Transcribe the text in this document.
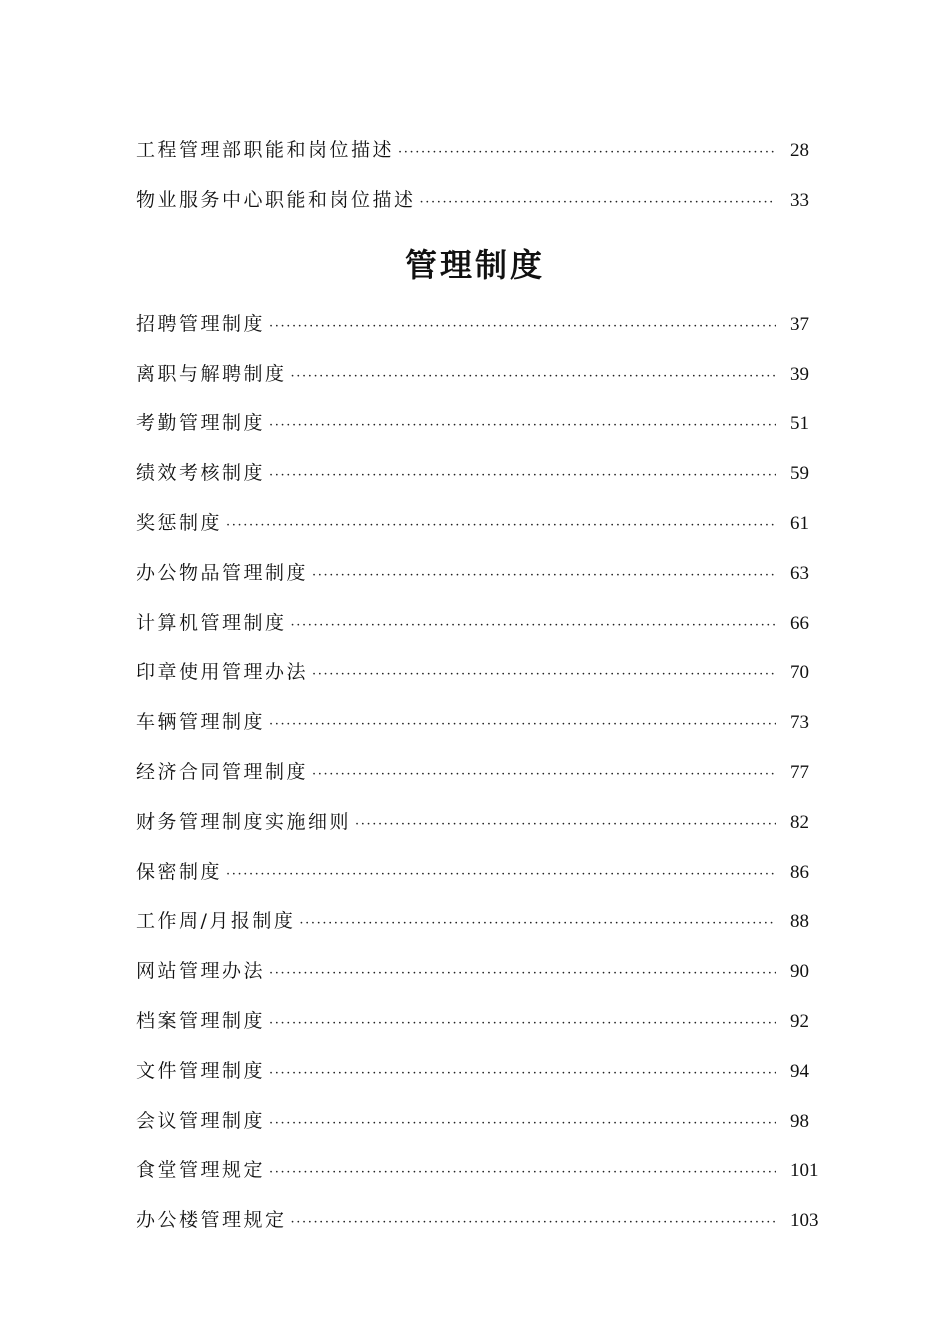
工程管理部职能和岗位描述 ·····	28
物业服务中心职能和岗位描述 ·····	33
管理制度
招聘管理制度 ·····	37
离职与解聘制度 ·····	39
考勤管理制度 ·····	51
绩效考核制度 ·····	59
奖惩制度 ·····	61
办公物品管理制度 ·····	63
计算机管理制度 ·····	66
印章使用管理办法 ·····	70
车辆管理制度 ·····	73
经济合同管理制度 ·····	77
财务管理制度实施细则 ·····	82
保密制度 ·····	86
工作周/月报制度 ·····	88
网站管理办法 ·····	90
档案管理制度 ·····	92
文件管理制度 ·····	94
会议管理制度 ·····	98
食堂管理规定 ·····	101
办公楼管理规定 ·····	103
